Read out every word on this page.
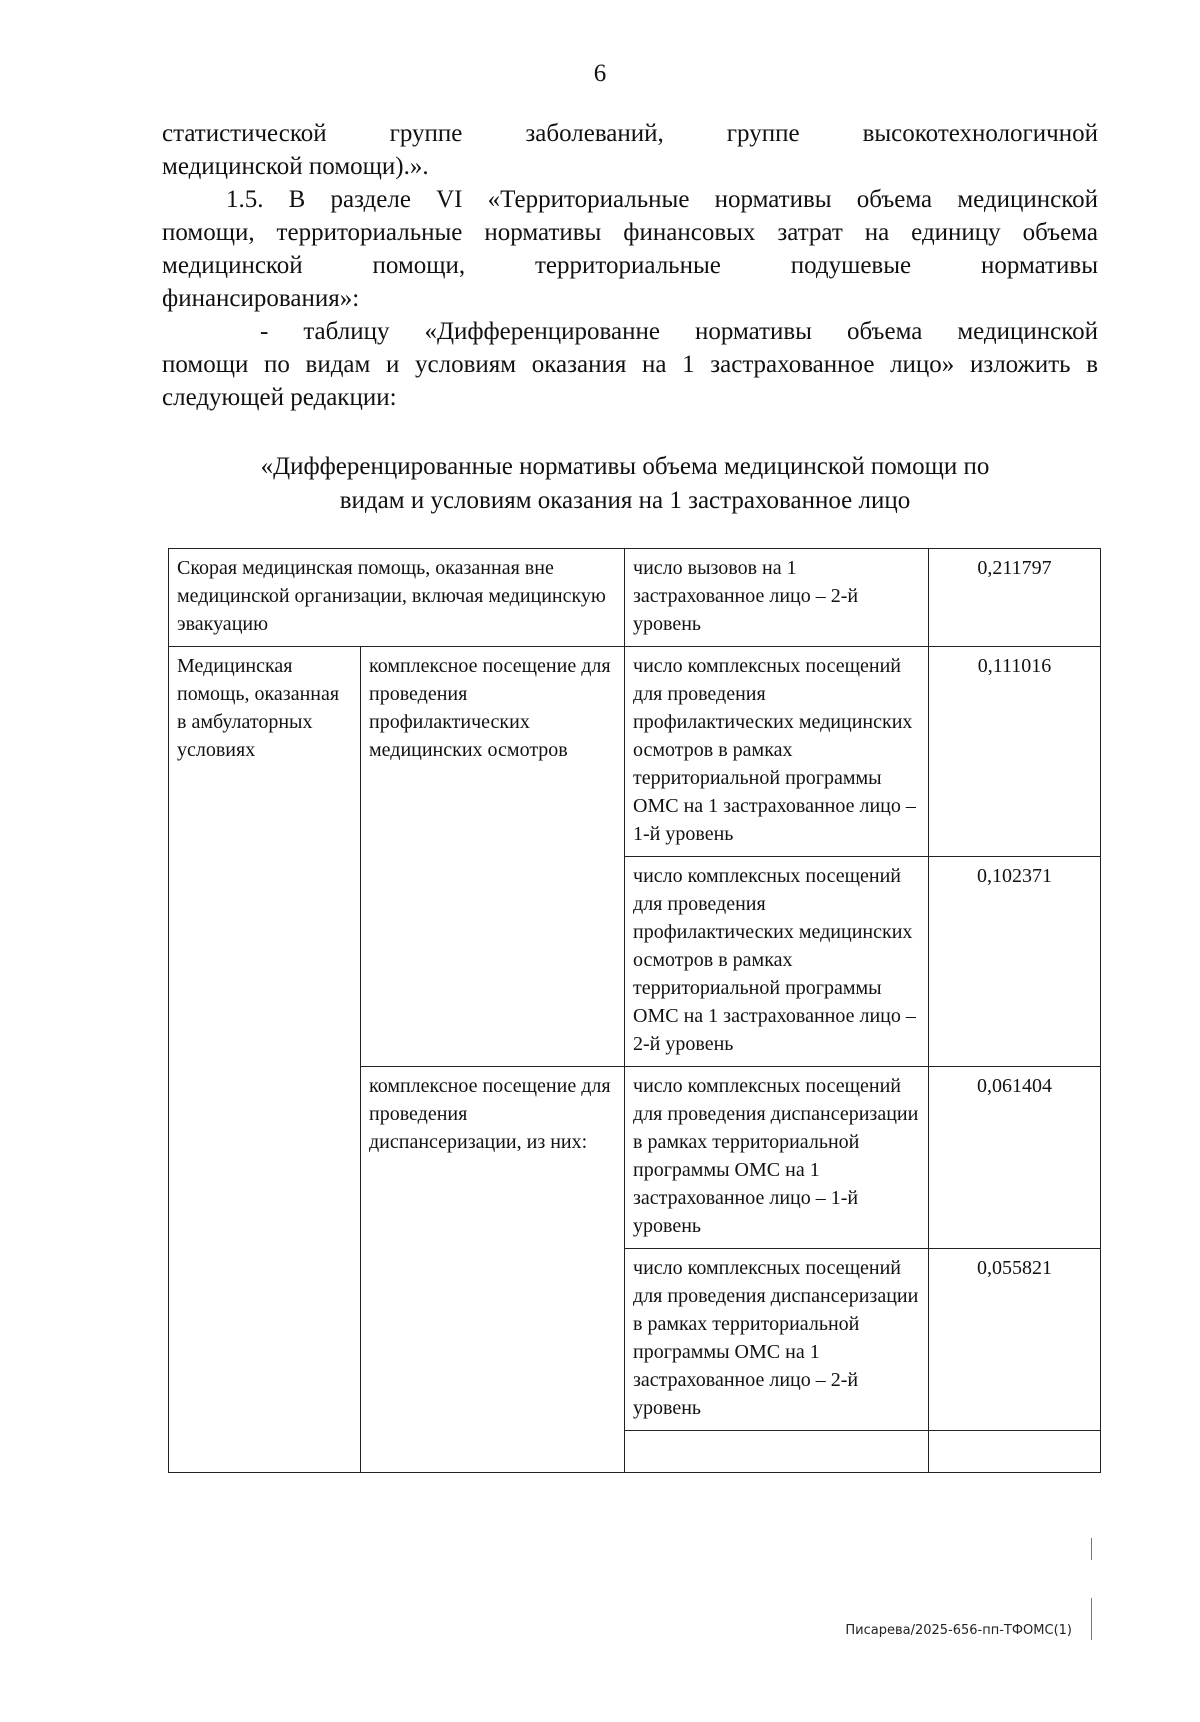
6
статистической группе заболеваний, группе высокотехнологичной
медицинской помощи).».
1.5. В разделе VI «Территориальные нормативы объема медицинской
помощи, территориальные нормативы финансовых затрат на единицу объема
медицинской помощи, территориальные подушевые нормативы
финансирования»:
- таблицу «Дифференцированне нормативы объема медицинской
помощи по видам и условиям оказания на 1 застрахованное лицо» изложить в
следующей редакции:
«Дифференцированные нормативы объема медицинской помощи по
видам и условиям оказания на 1 застрахованное лицо
Скорая медицинская помощь, оказанная вне медицинской организации, включая медицинскую эвакуацию		число вызовов на 1 застрахованное лицо – 2-й уровень	0,211797
Медицинская помощь, оказанная в амбулаторных условиях	комплексное посещение для проведения профилактических медицинских осмотров	число комплексных посещений для проведения профилактических медицинских осмотров в рамках территориальной программы ОМС на 1 застрахованное лицо – 1-й уровень	0,111016
		число комплексных посещений для проведения профилактических медицинских осмотров в рамках территориальной программы ОМС на 1 застрахованное лицо – 2-й уровень	0,102371
	комплексное посещение для проведения диспансеризации, из них:	число комплексных посещений для проведения диспансеризации в рамках территориальной программы ОМС на 1 застрахованное лицо – 1-й уровень	0,061404
		число комплексных посещений для проведения диспансеризации в рамках территориальной программы ОМС на 1 застрахованное лицо – 2-й уровень	0,055821

Писарева/2025-656-пп-ТФОМС(1)
